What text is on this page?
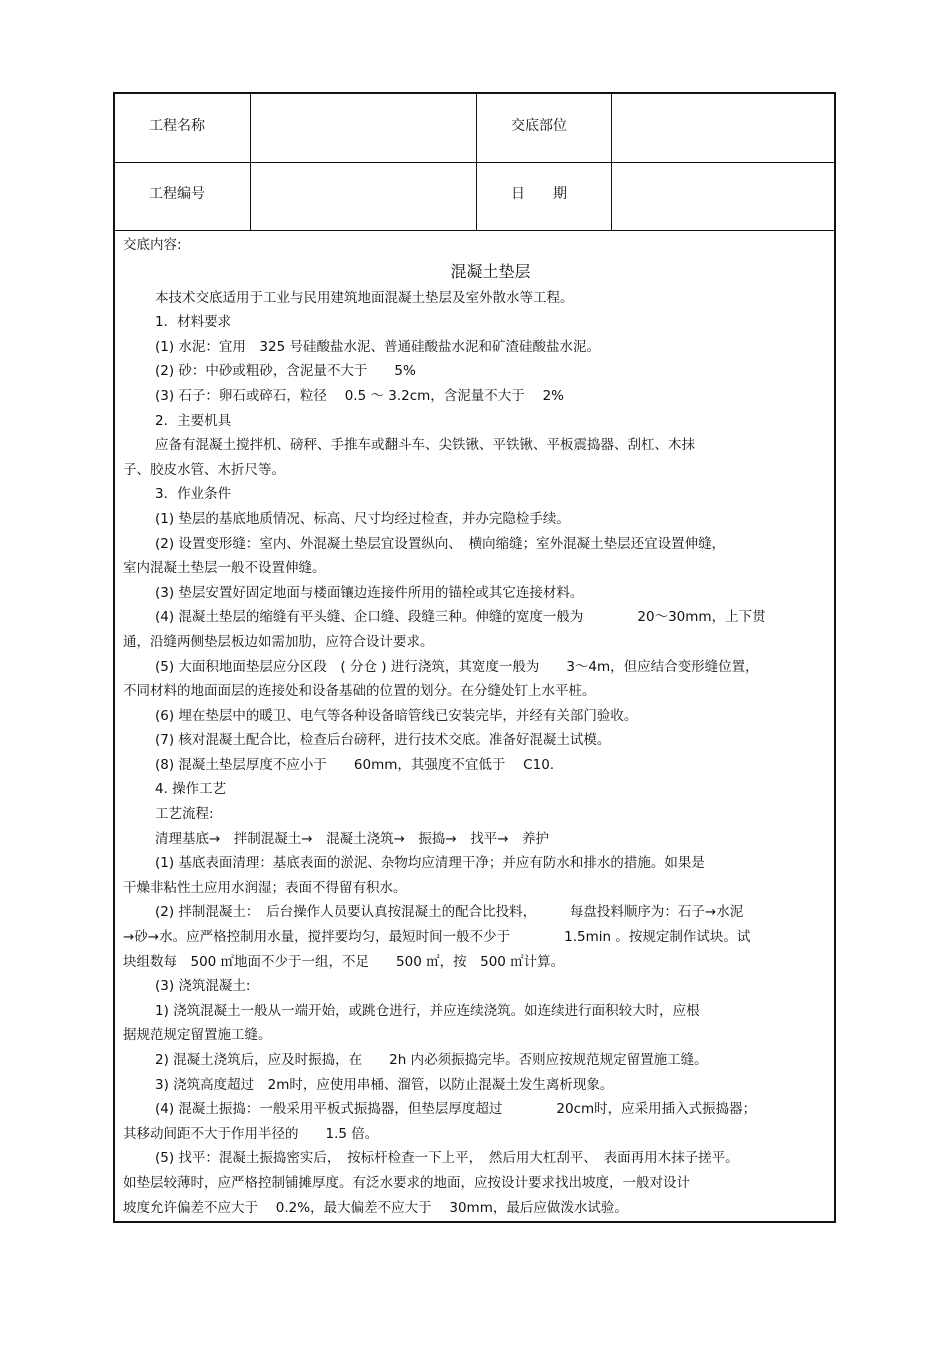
工程名称	交底部位
工程编号	日　　期
交底内容:
混凝土垫层
本技术交底适用于工业与民用建筑地面混凝土垫层及室外散水等工程。
1．材料要求
(1) 水泥：宜用　325 号硅酸盐水泥、普通硅酸盐水泥和矿渣硅酸盐水泥。
(2) 砂：中砂或粗砂，含泥量不大于　　5%
(3) 石子：卵石或碎石，粒径　 0.5 ～ 3.2cm，含泥量不大于　 2%
2．主要机具
应备有混凝土搅拌机、磅秤、手推车或翻斗车、尖铁锹、平铁锹、平板震捣器、刮杠、木抹
子、胶皮水管、木折尺等。
3．作业条件
(1) 垫层的基底地质情况、标高、尺寸均经过检查，并办完隐检手续。
(2) 设置变形缝：室内、外混凝土垫层宜设置纵向、　横向缩缝；室外混凝土垫层还宜设置伸缝，
室内混凝土垫层一般不设置伸缝。
(3) 垫层安置好固定地面与楼面镶边连接件所用的锚栓或其它连接材料。
(4) 混凝土垫层的缩缝有平头缝、企口缝、段缝三种。伸缝的宽度一般为　　　　20～30mm，上下贯
通，沿缝两侧垫层板边如需加肋，应符合设计要求。
(5) 大面积地面垫层应分区段　( 分仓 ) 进行浇筑，其宽度一般为　　3～4m，但应结合变形缝位置，
不同材料的地面面层的连接处和设备基础的位置的划分。在分缝处钉上水平桩。
(6) 埋在垫层中的暖卫、电气等各种设备暗管线已安装完毕，并经有关部门验收。
(7) 核对混凝土配合比，检查后台磅秤，进行技术交底。准备好混凝土试模。
(8) 混凝土垫层厚度不应小于　　60mm，其强度不宜低于　 C10.
4. 操作工艺
工艺流程:
清理基底→　拌制混凝土→　混凝土浇筑→　振捣→　找平→　养护
(1) 基底表面清理：基底表面的淤泥、杂物均应清理干净；并应有防水和排水的措施。如果是
干燥非粘性土应用水润湿；表面不得留有积水。
(2) 拌制混凝土：　后台操作人员要认真按混凝土的配合比投料，　　　每盘投料顺序为：石子→水泥
→砂→水。应严格控制用水量，搅拌要均匀，最短时间一般不少于　　　　1.5min 。按规定制作试块。试
块组数每　500 ㎡地面不少于一组，不足　　500 ㎡，按　500 ㎡计算。
(3) 浇筑混凝土:
1) 浇筑混凝土一般从一端开始，或跳仓进行，并应连续浇筑。如连续进行面积较大时，应根
据规范规定留置施工缝。
2) 混凝土浇筑后，应及时振捣，在　　2h 内必须振捣完毕。否则应按规范规定留置施工缝。
3) 浇筑高度超过　2m时，应使用串桶、溜管，以防止混凝土发生离析现象。
(4) 混凝土振捣：一般采用平板式振捣器，但垫层厚度超过　　　　20cm时，应采用插入式振捣器；
其移动间距不大于作用半径的　　1.5 倍。
(5) 找平：混凝土振捣密实后，　按标杆检查一下上平，　然后用大杠刮平、　表面再用木抹子搓平。
如垫层较薄时，应严格控制铺摊厚度。有泛水要求的地面，应按设计要求找出坡度，一般对设计
坡度允许偏差不应大于　 0.2%，最大偏差不应大于　 30mm，最后应做泼水试验。
